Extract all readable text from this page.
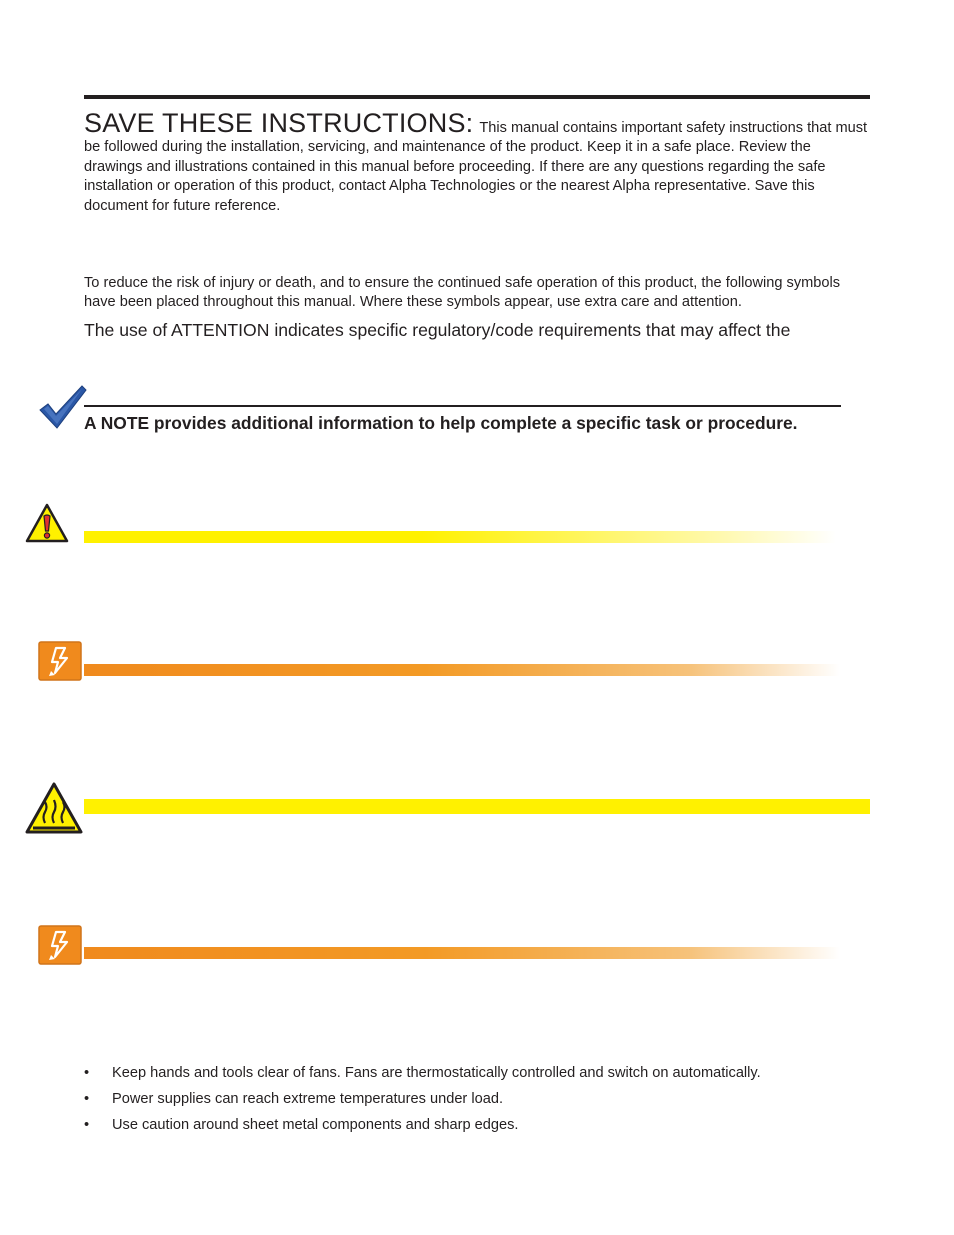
SAVE THESE INSTRUCTIONS: This manual contains important safety instructions that must be followed during the installation, servicing, and maintenance of the product. Keep it in a safe place. Review the drawings and illustrations contained in this manual before proceeding. If there are any questions regarding the safe installation or operation of this product, contact Alpha Technologies or the nearest Alpha representative. Save this document for future reference.
To reduce the risk of injury or death, and to ensure the continued safe operation of this product, the following symbols have been placed throughout this manual. Where these symbols appear, use extra care and attention.
The use of ATTENTION indicates specific regulatory/code requirements that may affect the
A NOTE provides additional information to help complete a specific task or procedure.
• Keep hands and tools clear of fans. Fans are thermostatically controlled and switch on automatically.
• Power supplies can reach extreme temperatures under load.
• Use caution around sheet metal components and sharp edges.
